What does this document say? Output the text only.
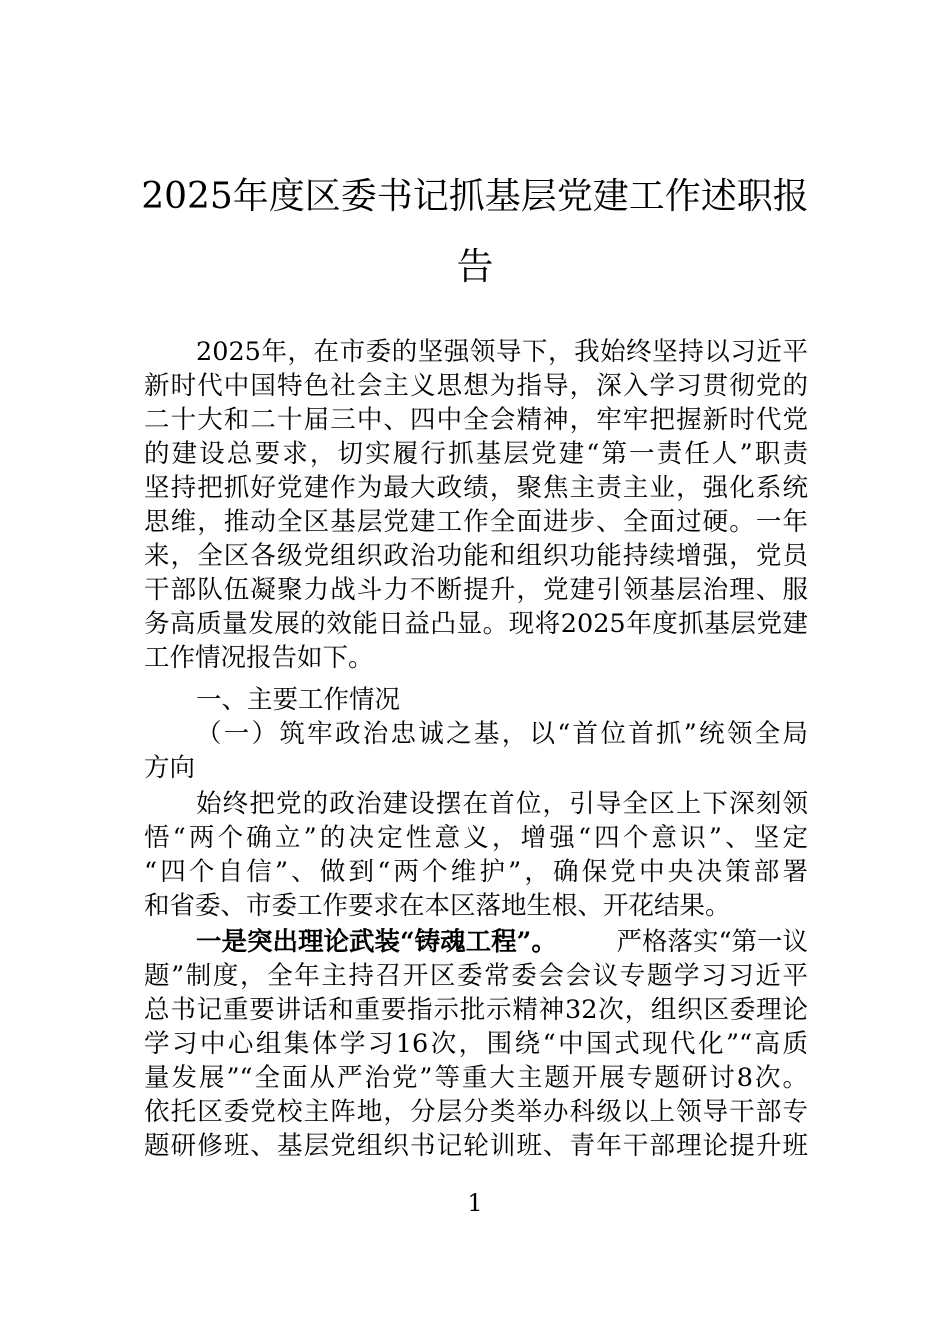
2025年度区委书记抓基层党建工作述职报
告
2025年，在市委的坚强领导下，我始终坚持以习近平
新时代中国特色社会主义思想为指导，深入学习贯彻党的
二十大和二十届三中、四中全会精神，牢牢把握新时代党
的建设总要求，切实履行抓基层党建“第一责任人”职责
坚持把抓好党建作为最大政绩，聚焦主责主业，强化系统
思维，推动全区基层党建工作全面进步、全面过硬。一年
来，全区各级党组织政治功能和组织功能持续增强，党员
干部队伍凝聚力战斗力不断提升，党建引领基层治理、服
务高质量发展的效能日益凸显。现将2025年度抓基层党建
工作情况报告如下。
一、主要工作情况
（一）筑牢政治忠诚之基，以“首位首抓”统领全局
方向
始终把党的政治建设摆在首位，引导全区上下深刻领
悟“两个确立”的决定性意义，增强“四个意识”、坚定
“四个自信”、做到“两个维护”，确保党中央决策部署
和省委、市委工作要求在本区落地生根、开花结果。
一是突出理论武装“铸魂工程”。 严格落实“第一议
题”制度，全年主持召开区委常委会会议专题学习习近平
总书记重要讲话和重要指示批示精神32次，组织区委理论
学习中心组集体学习16次，围绕“中国式现代化”“高质
量发展”“全面从严治党”等重大主题开展专题研讨8次。
依托区委党校主阵地，分层分类举办科级以上领导干部专
题研修班、基层党组织书记轮训班、青年干部理论提升班
1
